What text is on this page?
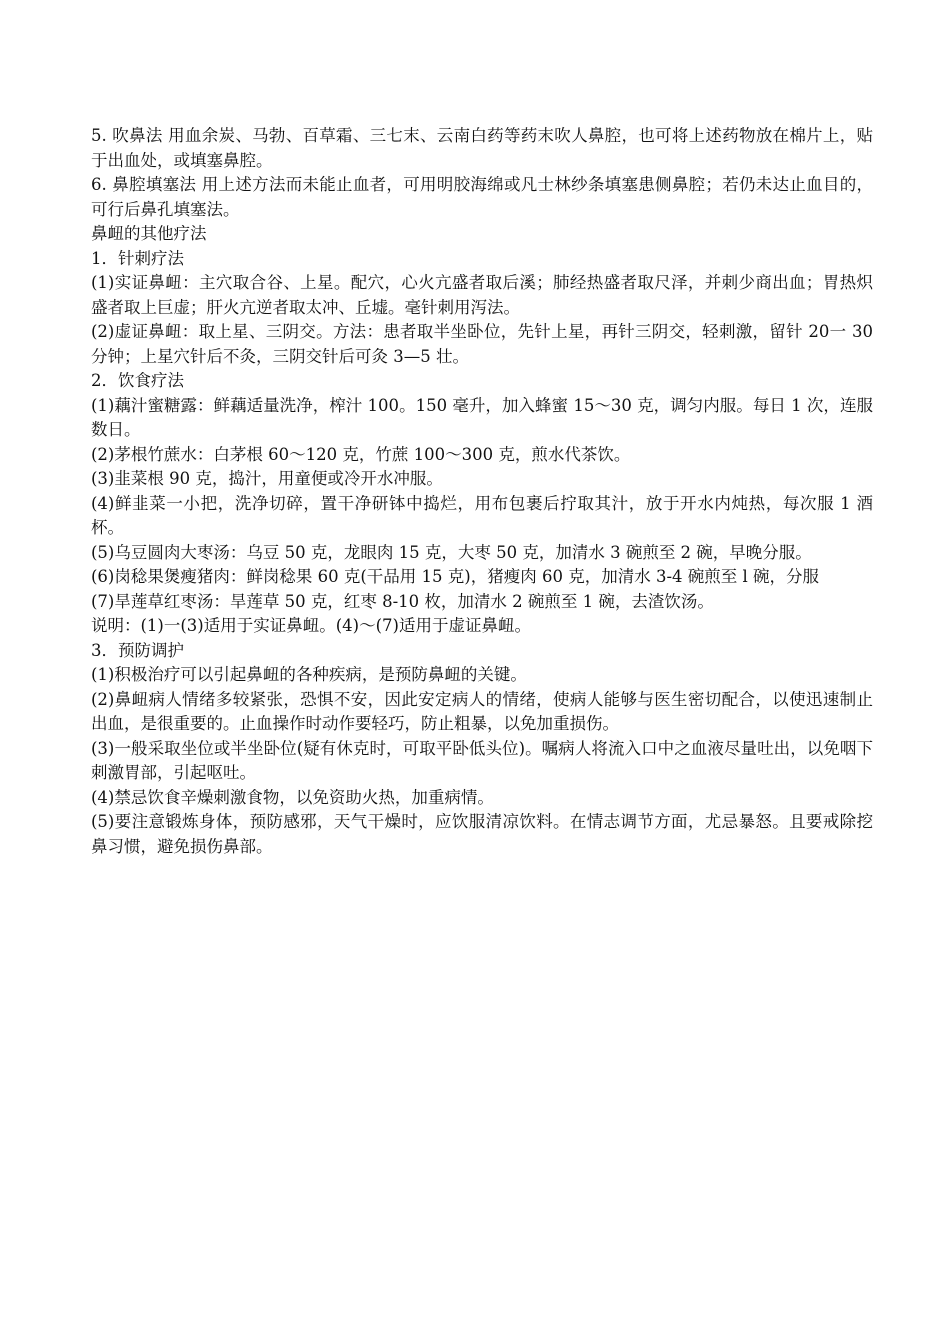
5. 吹鼻法 用血余炭、马勃、百草霜、三七末、云南白药等药末吹人鼻腔，也可将上述药物放在棉片上，贴于出血处，或填塞鼻腔。

6. 鼻腔填塞法 用上述方法而未能止血者，可用明胶海绵或凡士林纱条填塞患侧鼻腔；若仍未达止血目的，可行后鼻孔填塞法。

鼻衄的其他疗法

1．针刺疗法

(1)实证鼻衄：主穴取合谷、上星。配穴，心火亢盛者取后溪；肺经热盛者取尺泽，并刺少商出血；胃热炽盛者取上巨虚；肝火亢逆者取太冲、丘墟。毫针刺用泻法。

(2)虚证鼻衄：取上星、三阴交。方法：患者取半坐卧位，先针上星，再针三阴交，轻刺激，留针 20一 30 分钟；上星穴针后不灸，三阴交针后可灸 3—5 壮。

2．饮食疗法

(1)藕汁蜜糖露：鲜藕适量洗净，榨汁 100。150 毫升，加入蜂蜜 15～30 克，调匀内服。每日 1 次，连服数日。

(2)茅根竹蔗水：白茅根 60～120 克，竹蔗 100～300 克，煎水代茶饮。

(3)韭菜根 90 克，捣汁，用童便或冷开水冲服。

(4)鲜韭菜一小把，洗净切碎，置干净研钵中捣烂，用布包裹后拧取其汁，放于开水内炖热，每次服 1 酒杯。

(5)乌豆圆肉大枣汤：乌豆 50 克，龙眼肉 15 克，大枣 50 克，加清水 3 碗煎至 2 碗，早晚分服。

(6)岗稔果煲瘦猪肉：鲜岗稔果 60 克(干品用 15 克)，猪瘦肉 60 克，加清水 3-4 碗煎至 l 碗，分服

(7)旱莲草红枣汤：旱莲草 50 克，红枣 8-10 枚，加清水 2 碗煎至 1 碗，去渣饮汤。

说明：(1)一(3)适用于实证鼻衄。(4)～(7)适用于虚证鼻衄。

3．预防调护

(1)积极治疗可以引起鼻衄的各种疾病，是预防鼻衄的关键。

(2)鼻衄病人情绪多较紧张，恐惧不安，因此安定病人的情绪，使病人能够与医生密切配合，以使迅速制止出血，是很重要的。止血操作时动作要轻巧，防止粗暴，以免加重损伤。

(3)一般采取坐位或半坐卧位(疑有休克时，可取平卧低头位)。嘱病人将流入口中之血液尽量吐出，以免咽下刺激胃部，引起呕吐。

(4)禁忌饮食辛燥刺激食物，以免资助火热，加重病情。

(5)要注意锻炼身体，预防感邪，天气干燥时，应饮服清凉饮料。在情志调节方面，尤忌暴怒。且要戒除挖鼻习惯，避免损伤鼻部。
